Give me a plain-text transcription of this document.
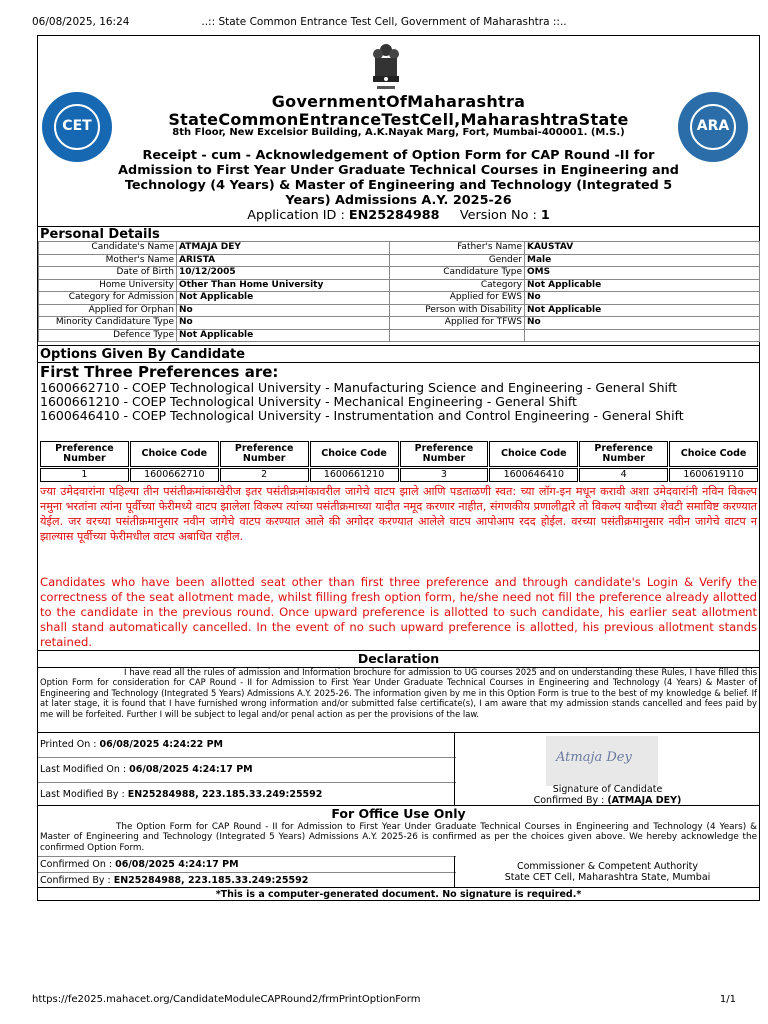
06/08/2025, 16:24	..:: State Common Entrance Test Cell, Government of Maharashtra ::..
CET	ARA
GovernmentOfMaharashtra
StateCommonEntranceTestCell,MaharashtraState
8th Floor, New Excelsior Building, A.K.Nayak Marg, Fort, Mumbai-400001. (M.S.)
Receipt - cum - Acknowledgement of Option Form for CAP Round -II for Admission to First Year Under Graduate Technical Courses in Engineering and Technology (4 Years) & Master of Engineering and Technology (Integrated 5 Years) Admissions A.Y. 2025-26
Application ID : EN25284988 Version No : 1
Personal Details
Candidate's Name	ATMAJA DEY	Father's Name	KAUSTAV
Mother's Name	ARISTA	Gender	Male
Date of Birth	10/12/2005	Candidature Type	OMS
Home University	Other Than Home University	Category	Not Applicable
Category for Admission	Not Applicable	Applied for EWS	No
Applied for Orphan	No	Person with Disability	Not Applicable
Minority Candidature Type	No	Applied for TFWS	No
Defence Type	Not Applicable		
Options Given By Candidate
First Three Preferences are:
1600662710 - COEP Technological University - Manufacturing Science and Engineering - General Shift
1600661210 - COEP Technological University - Mechanical Engineering - General Shift
1600646410 - COEP Technological University - Instrumentation and Control Engineering - General Shift
Preference Number	Choice Code	Preference Number	Choice Code	Preference Number	Choice Code	Preference Number	Choice Code
1	1600662710	2	1600661210	3	1600646410	4	1600619110
ज्या उमेदवारांना पहिल्या तीन पसंतीक्रमांकाखेरीज इतर पसंतीक्रमांकावरील जागेचे वाटप झाले आणि पडताळणी स्वत: च्या लॉग-इन मधून करावी अशा उमेदवारांनी नविन विकल्प नमुना भरतांना त्यांना पूर्वीच्या फेरीमध्ये वाटप झालेला विकल्प त्यांच्या पसंतीक्रमाच्या यादीत नमूद करणार नाहीत, संगणकीय प्रणालीद्वारे तो विकल्प यादीच्या शेवटी समाविष्ट करण्यात येईल. जर वरच्या पसंतीक्रमानुसार नवीन जागेचे वाटप करण्यात आले की अगोदर करण्यात आलेले वाटप आपोआप रदद होईल. वरच्या पसंतीक्रमानुसार नवीन जागेचे वाटप न झाल्यास पूर्वीच्या फेरीमधील वाटप अबाधित राहील.
Candidates who have been allotted seat other than first three preference and through candidate's Login & Verify the correctness of the seat allotment made, whilst filling fresh option form, he/she need not fill the preference already allotted to the candidate in the previous round. Once upward preference is allotted to such candidate, his earlier seat allotment shall stand automatically cancelled. In the event of no such upward preference is allotted, his previous allotment stands retained.
Declaration
I have read all the rules of admission and Information brochure for admission to UG courses 2025 and on understanding these Rules, I have filled this Option Form for consideration for CAP Round - II for Admission to First Year Under Graduate Technical Courses in Engineering and Technology (4 Years) & Master of Engineering and Technology (Integrated 5 Years) Admissions A.Y. 2025-26. The information given by me in this Option Form is true to the best of my knowledge & belief. If at later stage, it is found that I have furnished wrong information and/or submitted false certificate(s), I am aware that my admission stands cancelled and fees paid by me will be forfeited. Further I will be subject to legal and/or penal action as per the provisions of the law.
Printed On : 06/08/2025 4:24:22 PM
Last Modified On : 06/08/2025 4:24:17 PM
Last Modified By : EN25284988, 223.185.33.249:25592
Atmaja Dey
Signature of Candidate
Confirmed By : (ATMAJA DEY)
For Office Use Only
The Option Form for CAP Round - II for Admission to First Year Under Graduate Technical Courses in Engineering and Technology (4 Years) & Master of Engineering and Technology (Integrated 5 Years) Admissions A.Y. 2025-26 is confirmed as per the choices given above. We hereby acknowledge the confirmed Option Form.
Confirmed On : 06/08/2025 4:24:17 PM
Confirmed By : EN25284988, 223.185.33.249:25592
Commissioner & Competent Authority
State CET Cell, Maharashtra State, Mumbai
*This is a computer-generated document. No signature is required.*
https://fe2025.mahacet.org/CandidateModuleCAPRound2/frmPrintOptionForm	1/1
